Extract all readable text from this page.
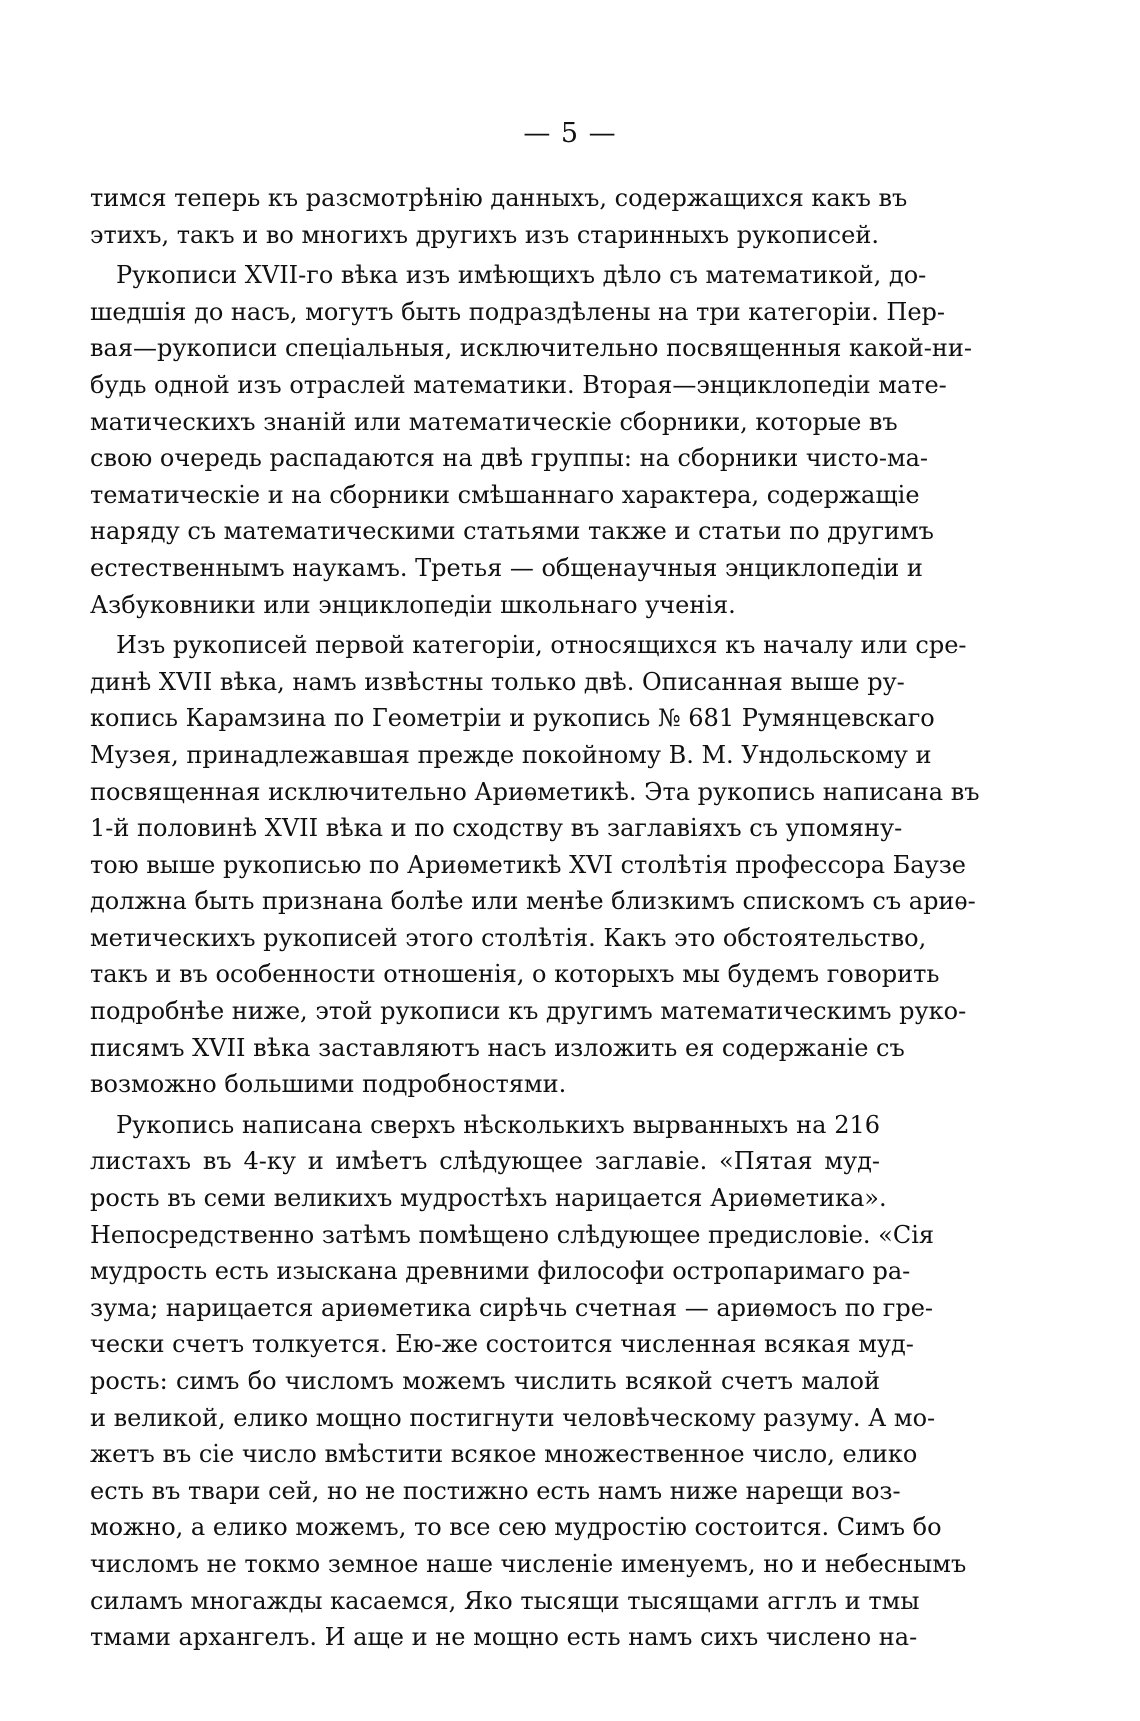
— 5 —
тимся теперь къ разсмотрѣнію данныхъ, содержащихся какъ въ
этихъ, такъ и во многихъ другихъ изъ старинныхъ рукописей.
Рукописи XVII-го вѣка изъ имѣющихъ дѣло съ математикой, до-
шедшія до насъ, могутъ быть подраздѣлены на три категоріи. Пер-
вая—рукописи спеціальныя, исключительно посвященныя какой-ни-
будь одной изъ отраслей математики. Вторая—энциклопедіи мате-
матическихъ знаній или математическіе сборники, которые въ
свою очередь распадаются на двѣ группы: на сборники чисто-ма-
тематическіе и на сборники смѣшаннаго характера, содержащіе
наряду съ математическими статьями также и статьи по другимъ
естественнымъ наукамъ. Третья — общенаучныя энциклопедіи и
Азбуковники или энциклопедіи школьнаго ученія.
Изъ рукописей первой категоріи, относящихся къ началу или сре-
динѣ XVII вѣка, намъ извѣстны только двѣ. Описанная выше ру-
копись Карамзина по Геометріи и рукопись № 681 Румянцевскаго
Музея, принадлежавшая прежде покойному В. М. Ундольскому и
посвященная исключительно Ариѳметикѣ. Эта рукопись написана въ
1-й половинѣ XVII вѣка и по сходству въ заглавіяхъ съ упомяну-
тою выше рукописью по Ариѳметикѣ XVI столѣтія профессора Баузе
должна быть признана болѣе или менѣе близкимъ спискомъ съ ариѳ-
метическихъ рукописей этого столѣтія. Какъ это обстоятельство,
такъ и въ особенности отношенія, о которыхъ мы будемъ говорить
подробнѣе ниже, этой рукописи къ другимъ математическимъ руко-
писямъ XVII вѣка заставляютъ насъ изложить ея содержаніе съ
возможно большими подробностями.
Рукопись написана сверхъ нѣсколькихъ вырванныхъ на 216
листахъ въ 4-ку и имѣетъ слѣдующее заглавіе. «Пятая муд-
рость въ семи великихъ мудростѣхъ нарицается Ариѳметика».
Непосредственно затѣмъ помѣщено слѣдующее предисловіе. «Сія
мудрость есть изыскана древними философи остропаримаго ра-
зума; нарицается ариѳметика сирѣчь счетная — ариѳмосъ по гре-
чески счетъ толкуется. Ею-же состоится численная всякая муд-
рость: симъ бо числомъ можемъ числить всякой счетъ малой
и великой, елико мощно постигнути человѣческому разуму. А мо-
жетъ въ сіе число вмѣстити всякое множественное число, елико
есть въ твари сей, но не постижно есть намъ ниже нарещи воз-
можно, а елико можемъ, то все сею мудростію состоится. Симъ бо
числомъ не токмо земное наше численіе именуемъ, но и небеснымъ
силамъ многажды касаемся, Яко тысящи тысящами агглъ и тмы
тмами архангелъ. И аще и не мощно есть намъ сихъ числено на-
